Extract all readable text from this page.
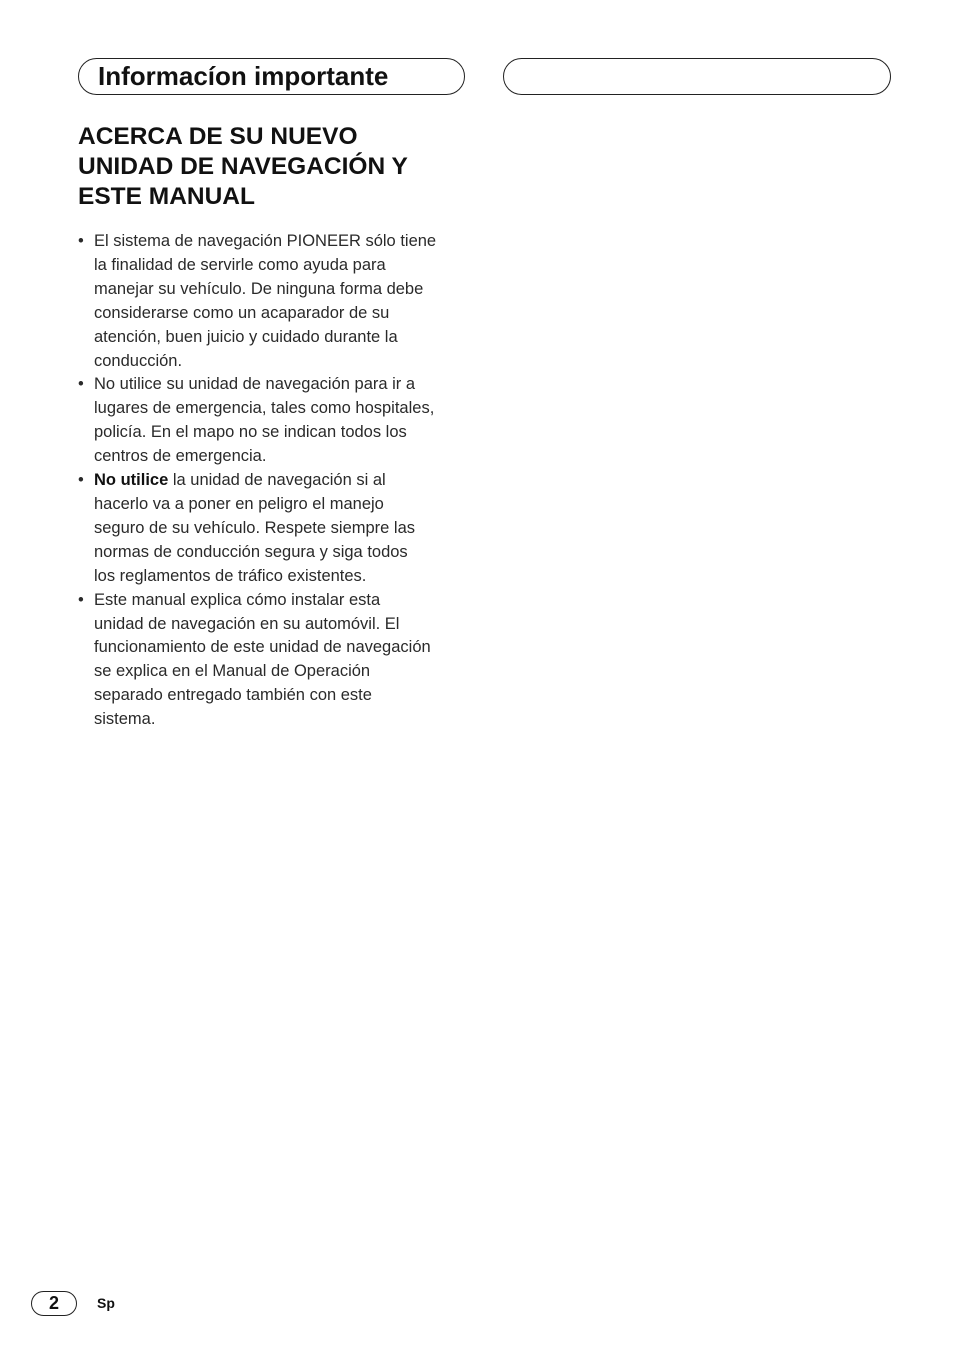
Informacíon importante
ACERCA DE SU NUEVO
UNIDAD DE NAVEGACIÓN Y
ESTE MANUAL
• El sistema de navegación PIONEER sólo tiene
la finalidad de servirle como ayuda para
manejar su vehículo. De ninguna forma debe
considerarse como un acaparador de su
atención, buen juicio y cuidado durante la
conducción.
• No utilice su unidad de navegación para ir a
lugares de emergencia, tales como hospitales,
policía. En el mapo no se indican todos los
centros de emergencia.
• No utilice la unidad de navegación si al
hacerlo va a poner en peligro el manejo
seguro de su vehículo. Respete siempre las
normas de conducción segura y siga todos
los reglamentos de tráfico existentes.
• Este manual explica cómo instalar esta
unidad de navegación en su automóvil. El
funcionamiento de este unidad de navegación
se explica en el Manual de Operación
separado entregado también con este
sistema.
2	Sp
